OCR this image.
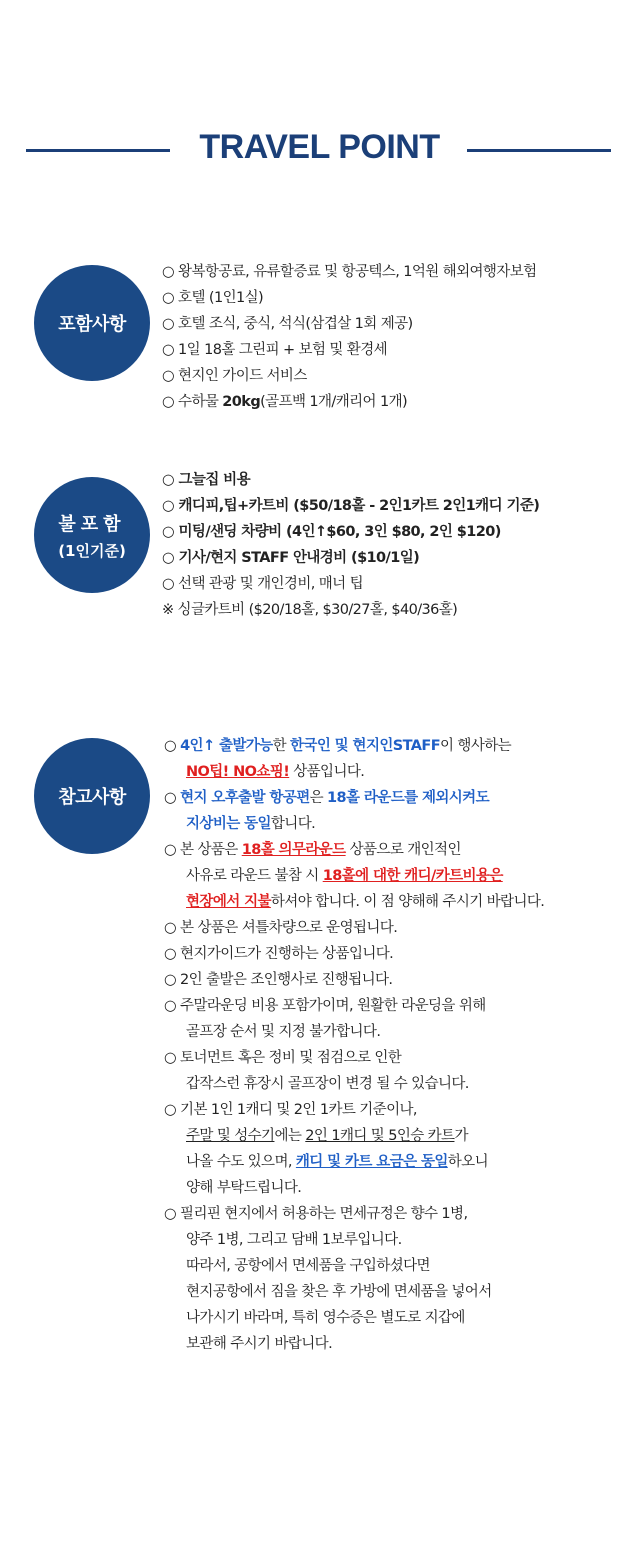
TRAVEL POINT
포함사항
○ 왕복항공료, 유류할증료 및 항공텍스, 1억원 해외여행자보험
○ 호텔 (1인1실)
○ 호텔 조식, 중식, 석식(삼겹살 1회 제공)
○ 1일 18홀 그린피 + 보험 및 환경세
○ 현지인 가이드 서비스
○ 수하물 20kg(골프백 1개/캐리어 1개)
불포함
(1인기준)
○ 그늘집 비용
○ 캐디피,팁+카트비 ($50/18홀 - 2인1카트 2인1캐디 기준)
○ 미팅/샌딩 차량비 (4인↑$60, 3인 $80, 2인 $120)
○ 기사/현지 STAFF 안내경비 ($10/1일)
○ 선택 관광 및 개인경비, 매너 팁
※ 싱글카트비 ($20/18홀, $30/27홀, $40/36홀)
참고사항
○ 4인↑ 출발가능한 한국인 및 현지인STAFF이 행사하는
NO팁! NO쇼핑! 상품입니다.
○ 현지 오후출발 항공편은 18홀 라운드를 제외시켜도
지상비는 동일합니다.
○ 본 상품은 18홀 의무라운드 상품으로 개인적인
사유로 라운드 불참 시 18홀에 대한 캐디/카트비용은
현장에서 지불하셔야 합니다. 이 점 양해해 주시기 바랍니다.
○ 본 상품은 셔틀차량으로 운영됩니다.
○ 현지가이드가 진행하는 상품입니다.
○ 2인 출발은 조인행사로 진행됩니다.
○ 주말라운딩 비용 포함가이며, 원활한 라운딩을 위해
골프장 순서 및 지정 불가합니다.
○ 토너먼트 혹은 정비 및 점검으로 인한
갑작스런 휴장시 골프장이 변경 될 수 있습니다.
○ 기본 1인 1캐디 및 2인 1카트 기준이나,
주말 및 성수기에는 2인 1캐디 및 5인승 카트가
나올 수도 있으며, 캐디 및 카트 요금은 동일하오니
양해 부탁드립니다.
○ 필리핀 현지에서 허용하는 면세규정은 향수 1병,
양주 1병, 그리고 담배 1보루입니다.
따라서, 공항에서 면세품을 구입하셨다면
현지공항에서 짐을 찾은 후 가방에 면세품을 넣어서
나가시기 바라며, 특히 영수증은 별도로 지갑에
보관해 주시기 바랍니다.
